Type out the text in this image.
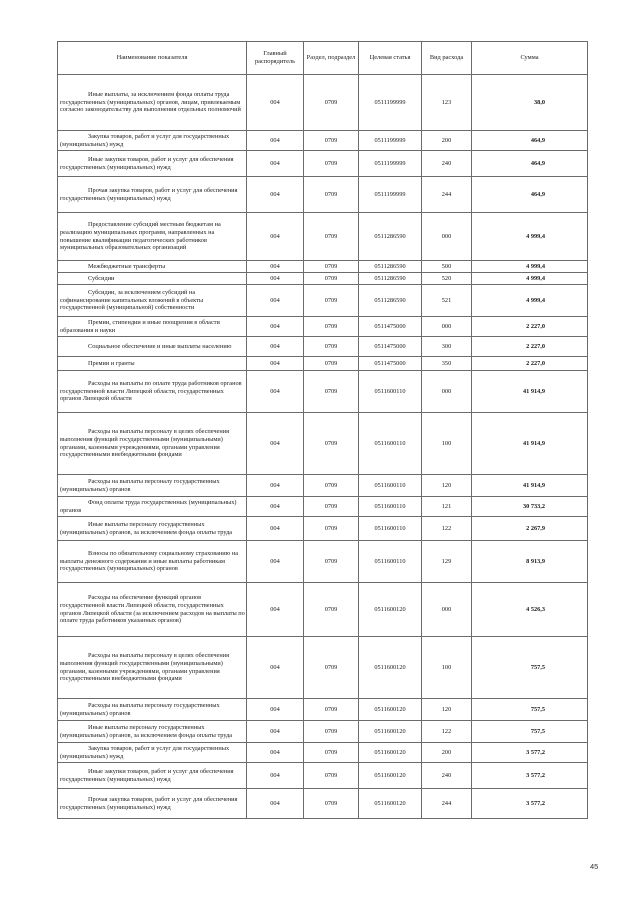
Наименование показателя	Главный распорядитель	Раздел, подраздел	Целевая статья	Вид расхода	Сумма
Иные выплаты, за исключением фонда оплаты труда государственных (муниципальных) органов, лицам, привлекаемым согласно законодательству для выполнения отдельных полномочий	004	0709	0511199999	123	38,0
Закупка товаров, работ и услуг для государственных (муниципальных) нужд	004	0709	0511199999	200	464,9
Иные закупки товаров, работ и услуг для обеспечения государственных (муниципальных) нужд	004	0709	0511199999	240	464,9
Прочая закупка товаров, работ и услуг для обеспечения государственных (муниципальных) нужд	004	0709	0511199999	244	464,9
Предоставление субсидий местным бюджетам на реализацию муниципальных программ, направленных на повышение квалификации педагогических работников муниципальных образовательных организаций	004	0709	0511286590	000	4 999,4
Межбюджетные трансферты	004	0709	0511286590	500	4 999,4
Субсидии	004	0709	0511286590	520	4 999,4
Субсидии, за исключением субсидий на софинансирование капитальных вложений в объекты государственной (муниципальной) собственности	004	0709	0511286590	521	4 999,4
Премии, стипендии и иные поощрения в области образования и науки	004	0709	0511475000	000	2 227,0
Социальное обеспечение и иные выплаты населению	004	0709	0511475000	300	2 227,0
Премии и гранты	004	0709	0511475000	350	2 227,0
Расходы на выплаты по оплате труда работников органов государственной власти Липецкой области, государственных органов Липецкой области	004	0709	0511600110	000	41 914,9
Расходы на выплаты персоналу в целях обеспечения выполнения функций государственными (муниципальными) органами, казенными учреждениями, органами управления государственными внебюджетными фондами	004	0709	0511600110	100	41 914,9
Расходы на выплаты персоналу государственных (муниципальных) органов	004	0709	0511600110	120	41 914,9
Фонд оплаты труда государственных (муниципальных) органов	004	0709	0511600110	121	30 733,2
Иные выплаты персоналу государственных (муниципальных) органов, за исключением фонда оплаты труда	004	0709	0511600110	122	2 267,9
Взносы по обязательному социальному страхованию на выплаты денежного содержания и иные выплаты работникам государственных (муниципальных) органов	004	0709	0511600110	129	8 913,9
Расходы на обеспечение функций органов государственной власти Липецкой области, государственных органов Липецкой области (за исключением расходов на выплаты по оплате труда работников указанных органов)	004	0709	0511600120	000	4 526,3
Расходы на выплаты персоналу в целях обеспечения выполнения функций государственными (муниципальными) органами, казенными учреждениями, органами управления государственными внебюджетными фондами	004	0709	0511600120	100	757,5
Расходы на выплаты персоналу государственных (муниципальных) органов	004	0709	0511600120	120	757,5
Иные выплаты персоналу государственных (муниципальных) органов, за исключением фонда оплаты труда	004	0709	0511600120	122	757,5
Закупка товаров, работ и услуг для государственных (муниципальных) нужд	004	0709	0511600120	200	3 577,2
Иные закупки товаров, работ и услуг для обеспечения государственных (муниципальных) нужд	004	0709	0511600120	240	3 577,2
Прочая закупка товаров, работ и услуг для обеспечения государственных (муниципальных) нужд	004	0709	0511600120	244	3 577,2
45
